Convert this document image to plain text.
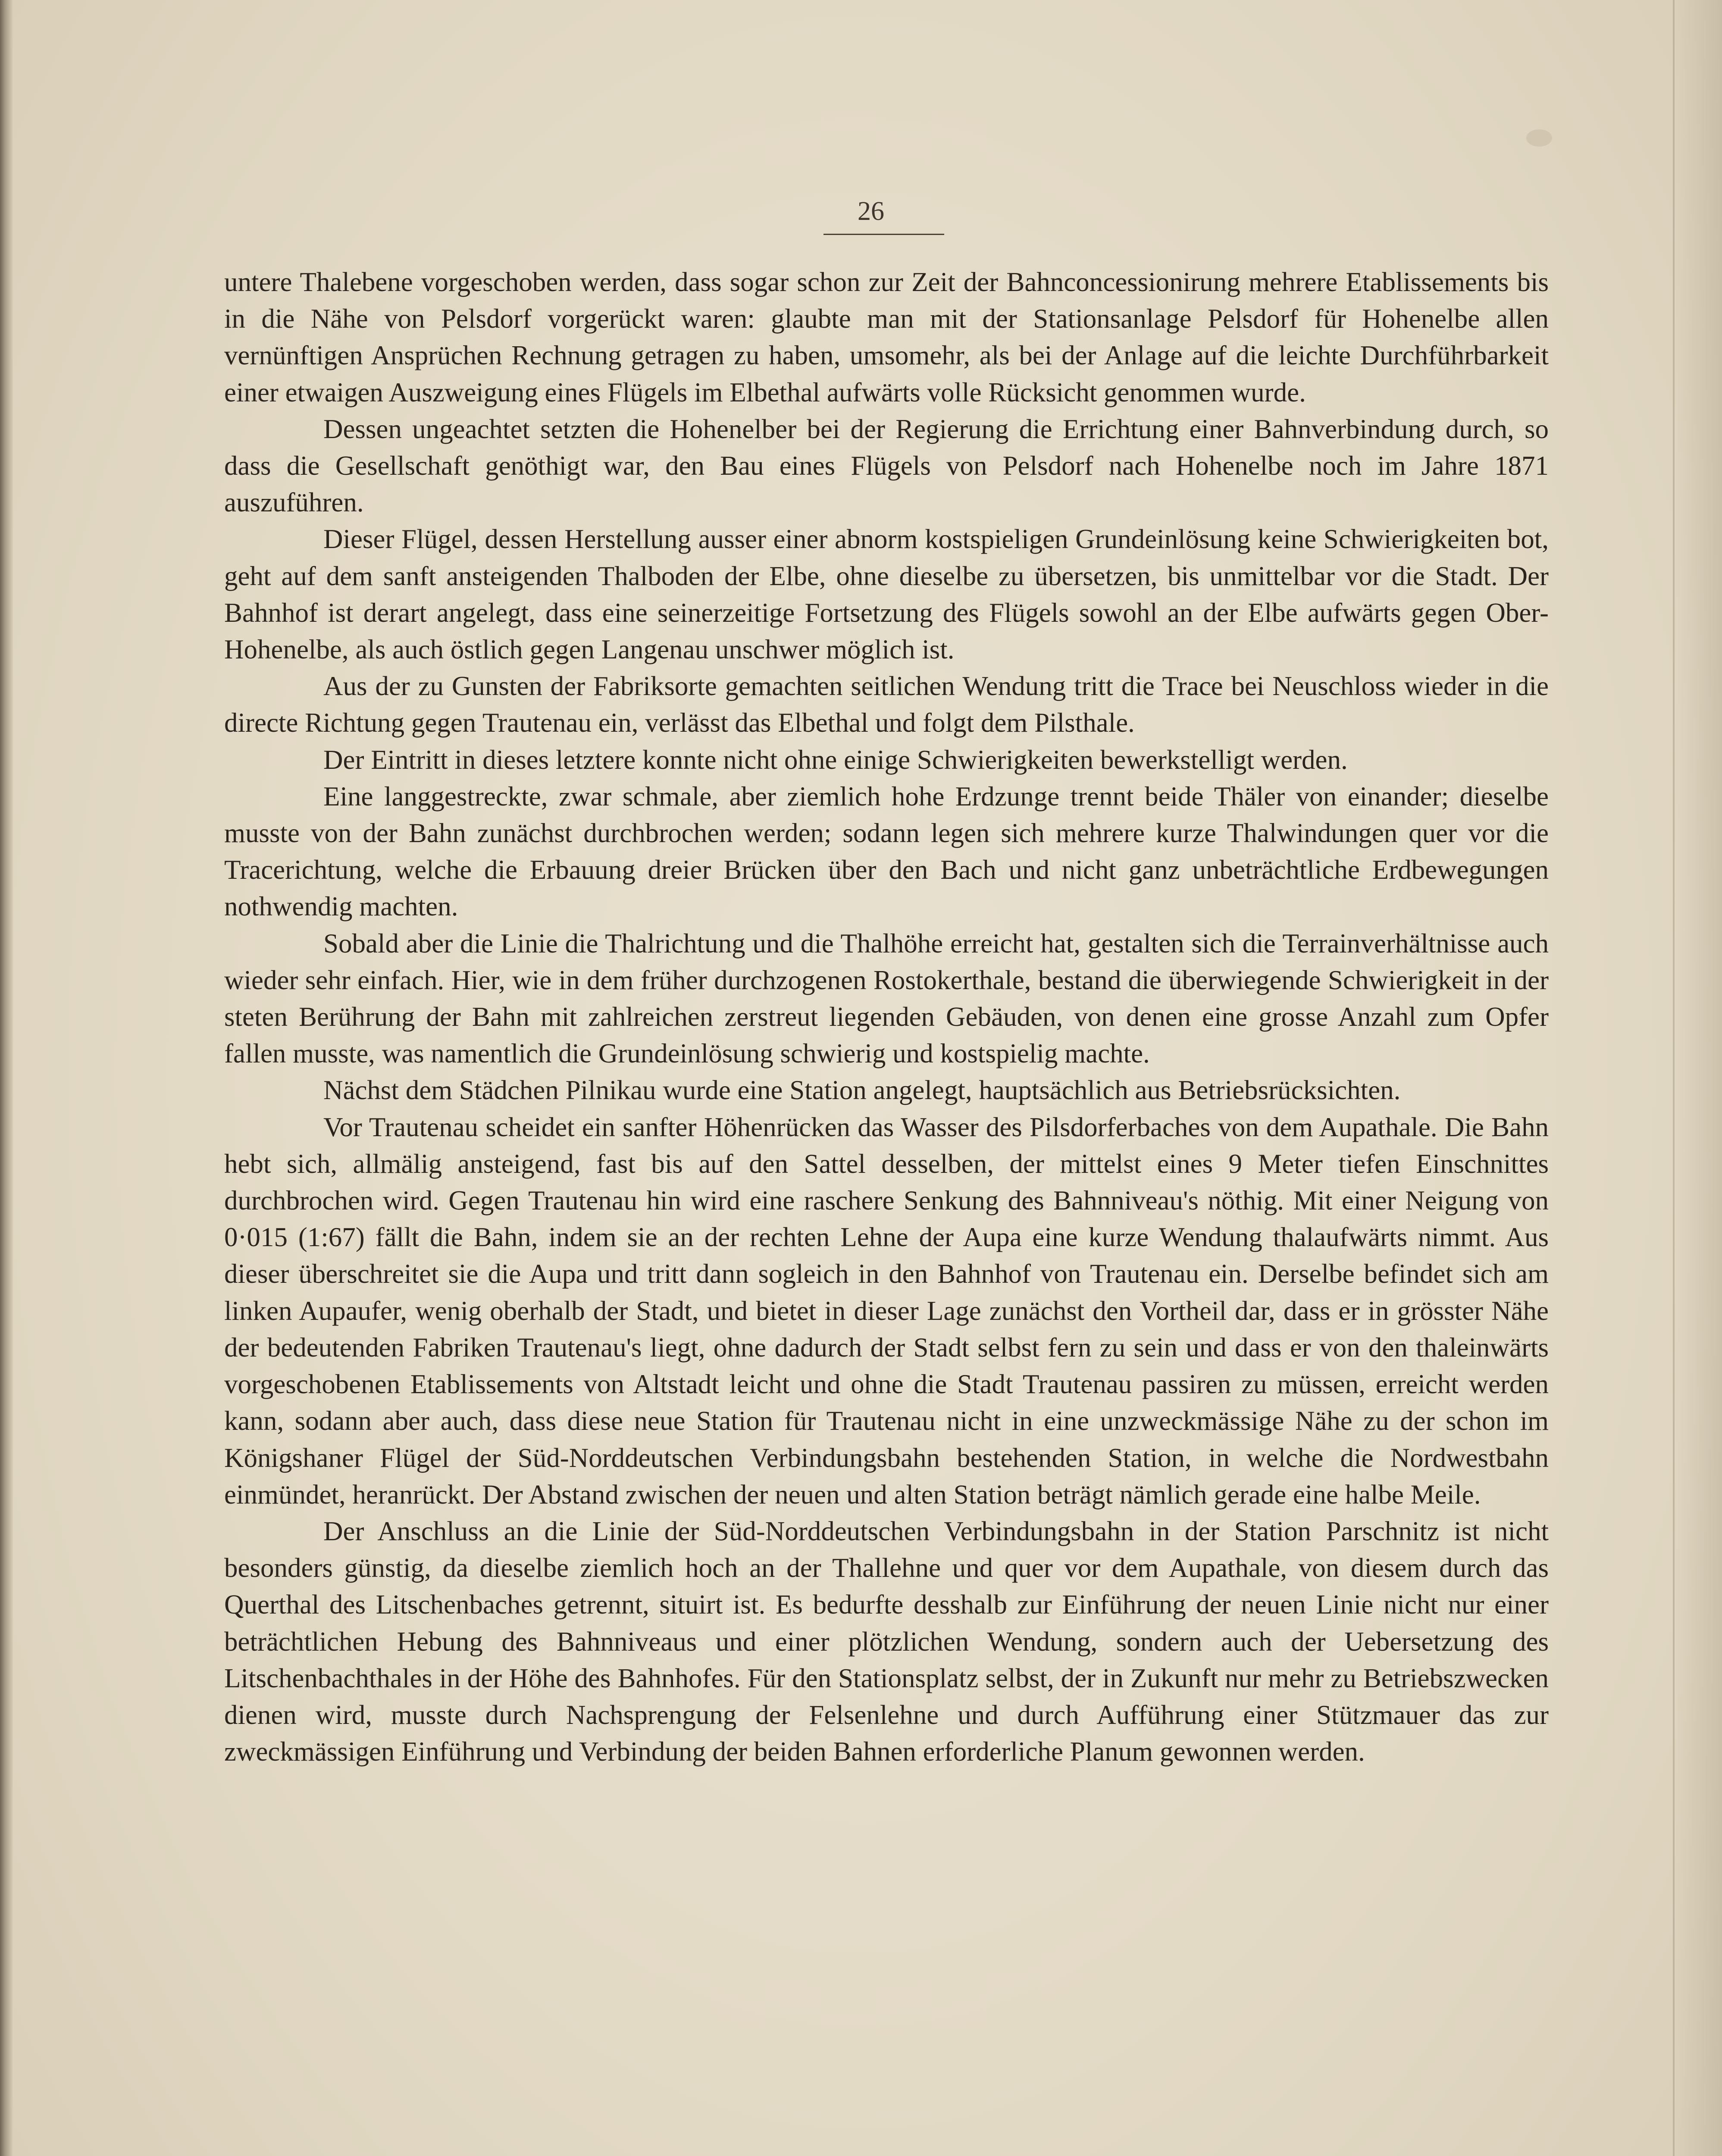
26

untere Thalebene vorgeschoben werden, dass sogar schon zur Zeit der Bahnconcessionirung mehrere Etablissements bis in die Nähe von Pelsdorf vorgerückt waren: glaubte man mit der Stationsanlage Pelsdorf für Hohenelbe allen vernünftigen Ansprüchen Rechnung getragen zu haben, umsomehr, als bei der Anlage auf die leichte Durchführbarkeit einer etwaigen Auszweigung eines Flügels im Elbethal aufwärts volle Rücksicht genommen wurde.

Dessen ungeachtet setzten die Hohenelber bei der Regierung die Errichtung einer Bahnverbindung durch, so dass die Gesellschaft genöthigt war, den Bau eines Flügels von Pelsdorf nach Hohenelbe noch im Jahre 1871 auszuführen.

Dieser Flügel, dessen Herstellung ausser einer abnorm kostspieligen Grundeinlösung keine Schwierigkeiten bot, geht auf dem sanft ansteigenden Thalboden der Elbe, ohne dieselbe zu übersetzen, bis unmittelbar vor die Stadt. Der Bahnhof ist derart angelegt, dass eine seinerzeitige Fortsetzung des Flügels sowohl an der Elbe aufwärts gegen Ober-Hohenelbe, als auch östlich gegen Langenau unschwer möglich ist.

Aus der zu Gunsten der Fabriksorte gemachten seitlichen Wendung tritt die Trace bei Neuschloss wieder in die directe Richtung gegen Trautenau ein, verlässt das Elbethal und folgt dem Pilsthale.

Der Eintritt in dieses letztere konnte nicht ohne einige Schwierigkeiten bewerkstelligt werden.

Eine langgestreckte, zwar schmale, aber ziemlich hohe Erdzunge trennt beide Thäler von einander; dieselbe musste von der Bahn zunächst durchbrochen werden; sodann legen sich mehrere kurze Thalwindungen quer vor die Tracerichtung, welche die Erbauung dreier Brücken über den Bach und nicht ganz unbeträchtliche Erdbewegungen nothwendig machten.

Sobald aber die Linie die Thalrichtung und die Thalhöhe erreicht hat, gestalten sich die Terrainverhältnisse auch wieder sehr einfach. Hier, wie in dem früher durchzogenen Rostokerthale, bestand die überwiegende Schwierigkeit in der steten Berührung der Bahn mit zahlreichen zerstreut liegenden Gebäuden, von denen eine grosse Anzahl zum Opfer fallen musste, was namentlich die Grundeinlösung schwierig und kostspielig machte.

Nächst dem Städchen Pilnikau wurde eine Station angelegt, hauptsächlich aus Betriebsrücksichten.

Vor Trautenau scheidet ein sanfter Höhenrücken das Wasser des Pilsdorferbaches von dem Aupathale. Die Bahn hebt sich, allmälig ansteigend, fast bis auf den Sattel desselben, der mittelst eines 9 Meter tiefen Einschnittes durchbrochen wird. Gegen Trautenau hin wird eine raschere Senkung des Bahnniveau's nöthig. Mit einer Neigung von 0·015 (1:67) fällt die Bahn, indem sie an der rechten Lehne der Aupa eine kurze Wendung thalaufwärts nimmt. Aus dieser überschreitet sie die Aupa und tritt dann sogleich in den Bahnhof von Trautenau ein. Derselbe befindet sich am linken Aupaufer, wenig oberhalb der Stadt, und bietet in dieser Lage zunächst den Vortheil dar, dass er in grösster Nähe der bedeutenden Fabriken Trautenau's liegt, ohne dadurch der Stadt selbst fern zu sein und dass er von den thaleinwärts vorgeschobenen Etablissements von Altstadt leicht und ohne die Stadt Trautenau passiren zu müssen, erreicht werden kann, sodann aber auch, dass diese neue Station für Trautenau nicht in eine unzweckmässige Nähe zu der schon im Königshaner Flügel der Süd-Norddeutschen Verbindungsbahn bestehenden Station, in welche die Nordwestbahn einmündet, heranrückt. Der Abstand zwischen der neuen und alten Station beträgt nämlich gerade eine halbe Meile.

Der Anschluss an die Linie der Süd-Norddeutschen Verbindungsbahn in der Station Parschnitz ist nicht besonders günstig, da dieselbe ziemlich hoch an der Thallehne und quer vor dem Aupathale, von diesem durch das Querthal des Litschenbaches getrennt, situirt ist. Es bedurfte desshalb zur Einführung der neuen Linie nicht nur einer beträchtlichen Hebung des Bahnniveaus und einer plötzlichen Wendung, sondern auch der Uebersetzung des Litschenbachthales in der Höhe des Bahnhofes. Für den Stationsplatz selbst, der in Zukunft nur mehr zu Betriebszwecken dienen wird, musste durch Nachsprengung der Felsenlehne und durch Aufführung einer Stützmauer das zur zweckmässigen Einführung und Verbindung der beiden Bahnen erforderliche Planum gewonnen werden.
